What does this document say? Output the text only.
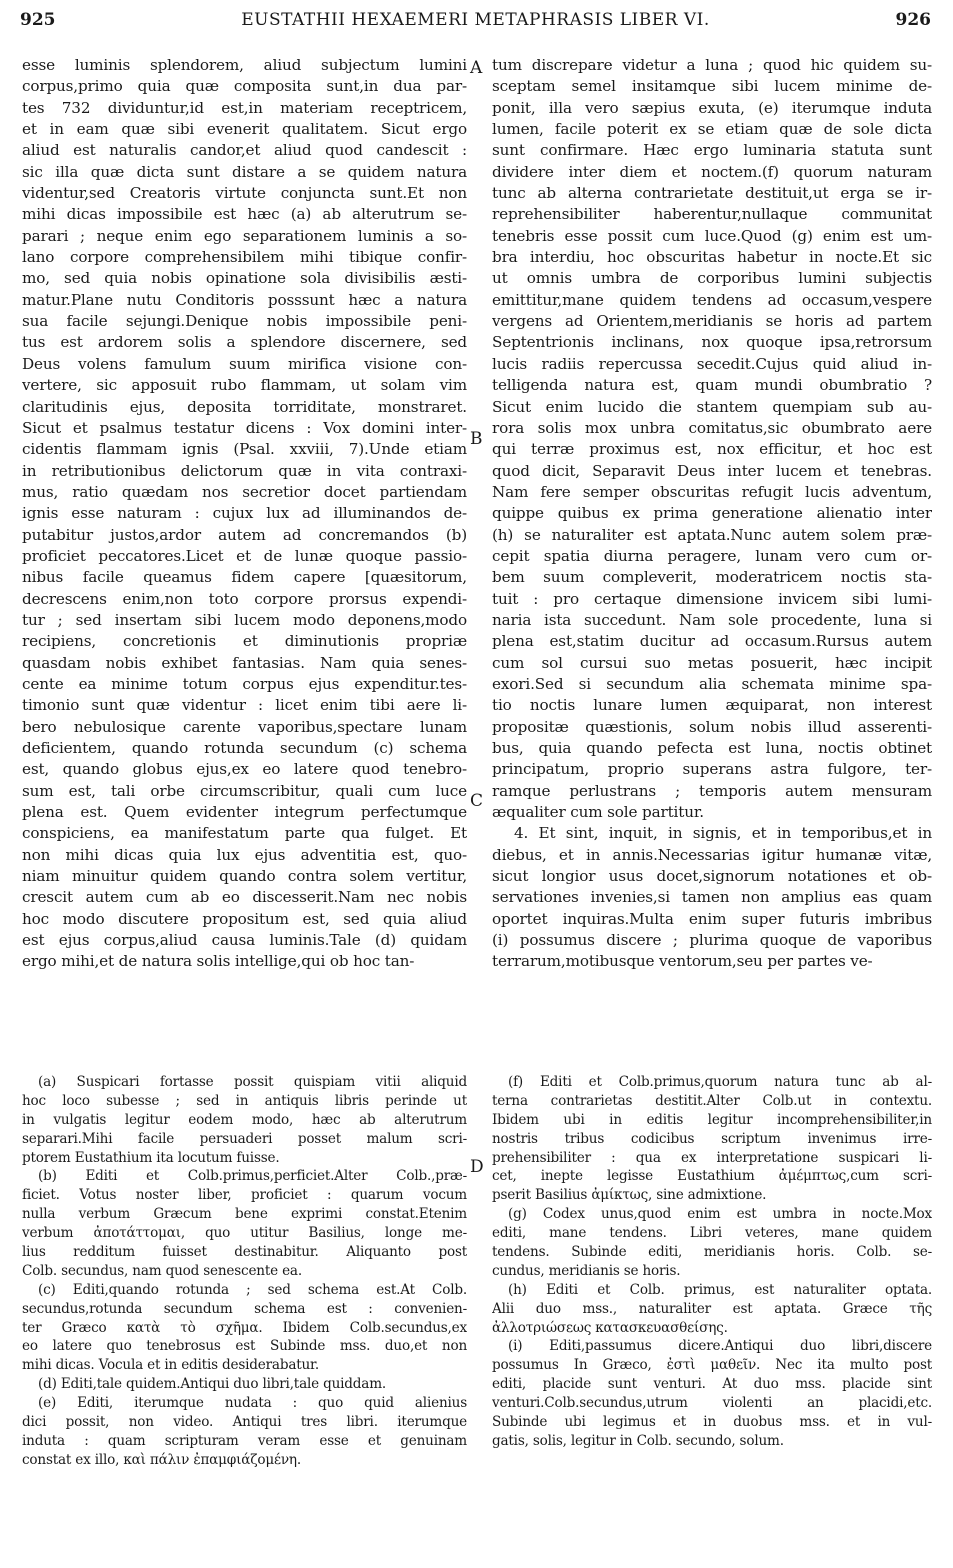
925	EUSTATHII HEXAEMERI METAPHRASIS LIBER VI.	926
esse luminis splendorem, aliud subjectum lumini
corpus,primo quia quæ composita sunt,in dua par-
tes 732 dividuntur,id est,in materiam receptricem,
et in eam quæ sibi evenerit qualitatem. Sicut ergo
aliud est naturalis candor,et aliud quod candescit :
sic illa quæ dicta sunt distare a se quidem natura
videntur,sed Creatoris virtute conjuncta sunt.Et non
mihi dicas impossibile est hæc (a) ab alterutrum se-
parari ; neque enim ego separationem luminis a so-
lano corpore comprehensibilem mihi tibique confir-
mo, sed quia nobis opinatione sola divisibilis æsti-
matur.Plane nutu Conditoris posssunt hæc a natura
sua facile sejungi.Denique nobis impossibile peni-
tus est ardorem solis a splendore discernere, sed
Deus volens famulum suum mirifica visione con-
vertere, sic apposuit rubo flammam, ut solam vim
claritudinis ejus, deposita torriditate, monstraret.
Sicut et psalmus testatur dicens : Vox domini inter-
cidentis flammam ignis (Psal. xxviii, 7).Unde etiam
in retributionibus delictorum quæ in vita contraxi-
mus, ratio quædam nos secretior docet partiendam
ignis esse naturam : cujux lux ad illuminandos de-
putabitur justos,ardor autem ad concremandos (b)
proficiet peccatores.Licet et de lunæ quoque passio-
nibus facile queamus fidem capere [quæsitorum,
decrescens enim,non toto corpore prorsus expendi-
tur ; sed insertam sibi lucem modo deponens,modo
recipiens, concretionis et diminutionis propriæ
quasdam nobis exhibet fantasias. Nam quia senes-
cente ea minime totum corpus ejus expenditur.tes-
timonio sunt quæ videntur : licet enim tibi aere li-
bero nebulosique carente vaporibus,spectare lunam
deficientem, quando rotunda secundum (c) schema
est, quando globus ejus,ex eo latere quod tenebro-
sum est, tali orbe circumscribitur, quali cum luce
plena est. Quem evidenter integrum perfectumque
conspiciens, ea manifestatum parte qua fulget. Et
non mihi dicas quia lux ejus adventitia est, quo-
niam minuitur quidem quando contra solem vertitur,
crescit autem cum ab eo discesserit.Nam nec nobis
hoc modo discutere propositum est, sed quia aliud
est ejus corpus,aliud causa luminis.Tale (d) quidam
ergo mihi,et de natura solis intellige,qui ob hoc tan-
tum discrepare videtur a luna ; quod hic quidem su-
sceptam semel insitamque sibi lucem minime de-
ponit, illa vero sæpius exuta, (e) iterumque induta
lumen, facile poterit ex se etiam quæ de sole dicta
sunt confirmare. Hæc ergo luminaria statuta sunt
dividere inter diem et noctem.(f) quorum naturam
tunc ab alterna contrarietate destituit,ut erga se ir-
reprehensibiliter haberentur,nullaque communitat
tenebris esse possit cum luce.Quod (g) enim est um-
bra interdiu, hoc obscuritas habetur in nocte.Et sic
ut omnis umbra de corporibus lumini subjectis
emittitur,mane quidem tendens ad occasum,vespere
vergens ad Orientem,meridianis se horis ad partem
Septentrionis inclinans, nox quoque ipsa,retrorsum
lucis radiis repercussa secedit.Cujus quid aliud in-
telligenda natura est, quam mundi obumbratio ?
Sicut enim lucido die stantem quempiam sub au-
rora solis mox unbra comitatus,sic obumbrato aere
qui terræ proximus est, nox efficitur, et hoc est
quod dicit, Separavit Deus inter lucem et tenebras.
Nam fere semper obscuritas refugit lucis adventum,
quippe quibus ex prima generatione alienatio inter
(h) se naturaliter est aptata.Nunc autem solem præ-
cepit spatia diurna peragere, lunam vero cum or-
bem suum compleverit, moderatricem noctis sta-
tuit : pro certaque dimensione invicem sibi lumi-
naria ista succedunt. Nam sole procedente, luna si
plena est,statim ducitur ad occasum.Rursus autem
cum sol cursui suo metas posuerit, hæc incipit
exori.Sed si secundum alia schemata minime spa-
tio noctis lunare lumen æquiparat, non interest
propositæ quæstionis, solum nobis illud asserenti-
bus, quia quando pefecta est luna, noctis obtinet
principatum, proprio superans astra fulgore, ter-
ramque perlustrans ; temporis autem mensuram
æqualiter cum sole partitur.
4. Et sint, inquit, in signis, et in temporibus,et in
diebus, et in annis.Necessarias igitur humanæ vitæ,
sicut longior usus docet,signorum notationes et ob-
servationes invenies,si tamen non amplius eas quam
oportet inquiras.Multa enim super futuris imbribus
(i) possumus discere ; plurima quoque de vaporibus
terrarum,motibusque ventorum,seu per partes ve-
(a) Suspicari fortasse possit quispiam vitii aliquid
hoc loco subesse ; sed in antiquis libris perinde ut
in vulgatis legitur eodem modo, hæc ab alterutrum
separari.Mihi facile persuaderi posset malum scri-
ptorem Eustathium ita locutum fuisse.
(b) Editi et Colb.primus,perficiet.Alter Colb.,præ-
ficiet. Votus noster liber, proficiet : quarum vocum
nulla verbum Græcum bene exprimi constat.Etenim
verbum ἀποτάττομαι, quo utitur Basilius, longe me-
lius redditum fuisset destinabitur. Aliquanto post
Colb. secundus, nam quod senescente ea.
(c) Editi,quando rotunda ; sed schema est.At Colb.
secundus,rotunda secundum schema est : convenien-
ter Græco κατὰ τὸ σχῆμα. Ibidem Colb.secundus,ex
eo latere quo tenebrosus est Subinde mss. duo,et non
mihi dicas. Vocula et in editis desiderabatur.
(d) Editi,tale quidem.Antiqui duo libri,tale quiddam.
(e) Editi, iterumque nudata : quo quid alienius
dici possit, non video. Antiqui tres libri. iterumque
induta : quam scripturam veram esse et genuinam
constat ex illo, καὶ πάλιν ἐπαμφιάζομένη.
(f) Editi et Colb.primus,quorum natura tunc ab al-
terna contrarietas destitit.Alter Colb.ut in contextu.
Ibidem ubi in editis legitur incomprehensibiliter,in
nostris tribus codicibus scriptum invenimus irre-
prehensibiliter : qua ex interpretatione suspicari li-
cet, inepte legisse Eustathium ἀμέμπτως,cum scri-
pserit Basilius ἀμίκτως, sine admixtione.
(g) Codex unus,quod enim est umbra in nocte.Mox
editi, mane tendens. Libri veteres, mane quidem
tendens. Subinde editi, meridianis horis. Colb. se-
cundus, meridianis se horis.
(h) Editi et Colb. primus, est naturaliter optata.
Alii duo mss., naturaliter est aptata. Græce τῆς
ἀλλοτριώσεως κατασκευασθείσης.
(i) Editi,passumus dicere.Antiqui duo libri,discere
possumus In Græco, ἐστὶ μαθεῖν. Nec ita multo post
editi, placide sunt venturi. At duo mss. placide sint
venturi.Colb.secundus,utrum violenti an placidi,etc.
Subinde ubi legimus et in duobus mss. et in vul-
gatis, solis, legitur in Colb. secundo, solum.
A
B
C
D
